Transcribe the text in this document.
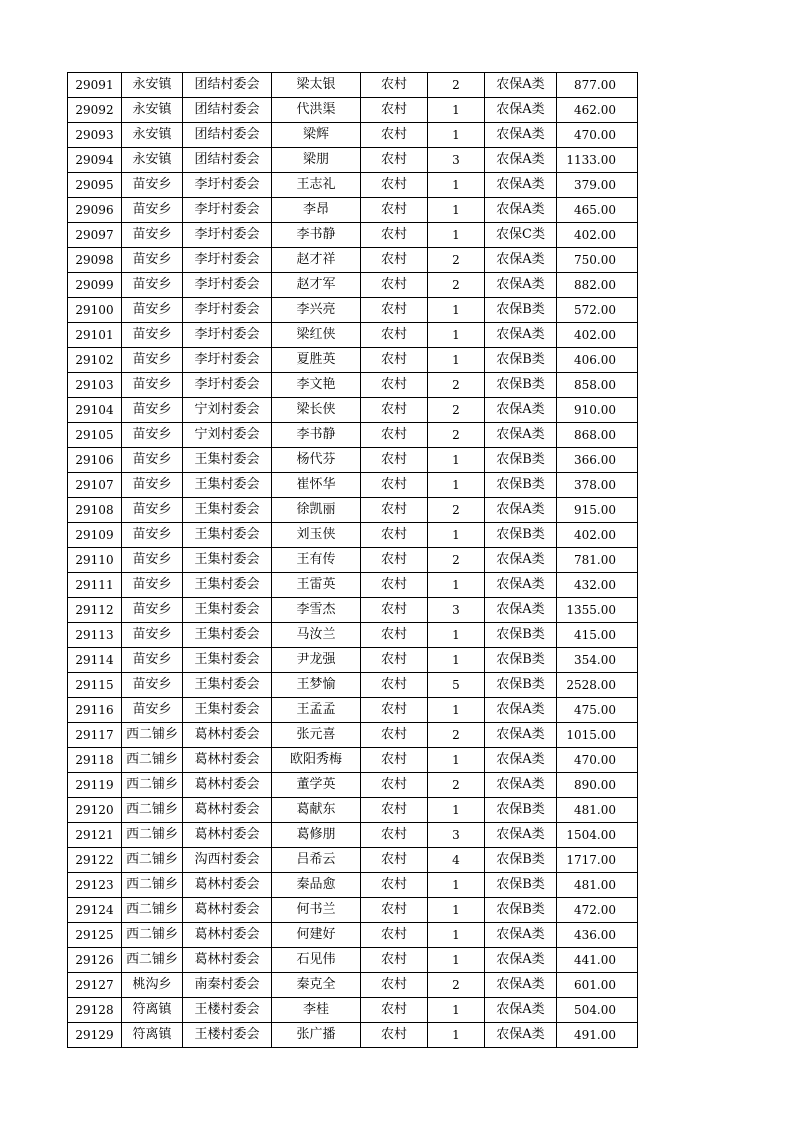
29091	永安镇	团结村委会	梁太银	农村	2	农保A类	877.00
29092	永安镇	团结村委会	代洪渠	农村	1	农保A类	462.00
29093	永安镇	团结村委会	梁辉	农村	1	农保A类	470.00
29094	永安镇	团结村委会	梁朋	农村	3	农保A类	1133.00
29095	苗安乡	李圩村委会	王志礼	农村	1	农保A类	379.00
29096	苗安乡	李圩村委会	李昂	农村	1	农保A类	465.00
29097	苗安乡	李圩村委会	李书静	农村	1	农保C类	402.00
29098	苗安乡	李圩村委会	赵才祥	农村	2	农保A类	750.00
29099	苗安乡	李圩村委会	赵才军	农村	2	农保A类	882.00
29100	苗安乡	李圩村委会	李兴亮	农村	1	农保B类	572.00
29101	苗安乡	李圩村委会	梁红侠	农村	1	农保A类	402.00
29102	苗安乡	李圩村委会	夏胜英	农村	1	农保B类	406.00
29103	苗安乡	李圩村委会	李文艳	农村	2	农保B类	858.00
29104	苗安乡	宁刘村委会	梁长侠	农村	2	农保A类	910.00
29105	苗安乡	宁刘村委会	李书静	农村	2	农保A类	868.00
29106	苗安乡	王集村委会	杨代芬	农村	1	农保B类	366.00
29107	苗安乡	王集村委会	崔怀华	农村	1	农保B类	378.00
29108	苗安乡	王集村委会	徐凯丽	农村	2	农保A类	915.00
29109	苗安乡	王集村委会	刘玉侠	农村	1	农保B类	402.00
29110	苗安乡	王集村委会	王有传	农村	2	农保A类	781.00
29111	苗安乡	王集村委会	王雷英	农村	1	农保A类	432.00
29112	苗安乡	王集村委会	李雪杰	农村	3	农保A类	1355.00
29113	苗安乡	王集村委会	马汝兰	农村	1	农保B类	415.00
29114	苗安乡	王集村委会	尹龙强	农村	1	农保B类	354.00
29115	苗安乡	王集村委会	王梦愉	农村	5	农保B类	2528.00
29116	苗安乡	王集村委会	王孟孟	农村	1	农保A类	475.00
29117	西二铺乡	葛林村委会	张元喜	农村	2	农保A类	1015.00
29118	西二铺乡	葛林村委会	欧阳秀梅	农村	1	农保A类	470.00
29119	西二铺乡	葛林村委会	董学英	农村	2	农保A类	890.00
29120	西二铺乡	葛林村委会	葛献东	农村	1	农保B类	481.00
29121	西二铺乡	葛林村委会	葛修朋	农村	3	农保A类	1504.00
29122	西二铺乡	沟西村委会	吕希云	农村	4	农保B类	1717.00
29123	西二铺乡	葛林村委会	秦品愈	农村	1	农保B类	481.00
29124	西二铺乡	葛林村委会	何书兰	农村	1	农保B类	472.00
29125	西二铺乡	葛林村委会	何建好	农村	1	农保A类	436.00
29126	西二铺乡	葛林村委会	石见伟	农村	1	农保A类	441.00
29127	桃沟乡	南秦村委会	秦克全	农村	2	农保A类	601.00
29128	符离镇	王楼村委会	李桂	农村	1	农保A类	504.00
29129	符离镇	王楼村委会	张广播	农村	1	农保A类	491.00
